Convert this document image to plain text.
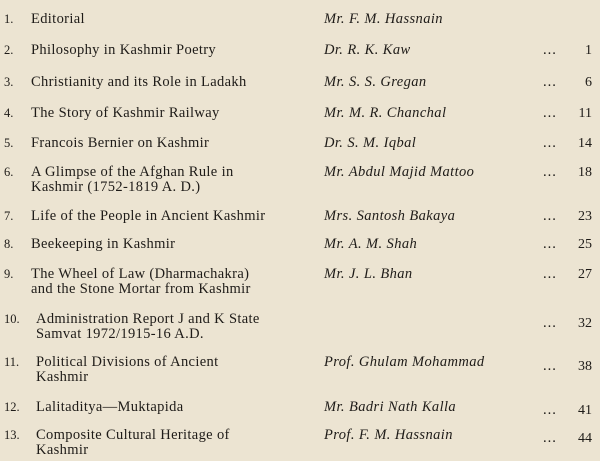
1. Editorial	Mr. F. M. Hassnain
2. Philosophy in Kashmir Poetry	Dr. R. K. Kaw	... 1
3. Christianity and its Role in Ladakh	Mr. S. S. Gregan	... 6
4. The Story of Kashmir Railway	Mr. M. R. Chanchal	... 11
5. Francois Bernier on Kashmir	Dr. S. M. Iqbal	... 14
6. A Glimpse of the Afghan Rule in
Kashmir (1752-1819 A. D.)
Mr. Abdul Majid Mattoo	... 18
7. Life of the People in Ancient Kashmir	Mrs. Santosh Bakaya	... 23
8. Beekeeping in Kashmir	Mr. A. M. Shah	... 25
9. The Wheel of Law (Dharmachakra)
and the Stone Mortar from Kashmir
Mr. J. L. Bhan	... 27
10. Administration Report J and K State
Samvat 1972/1915-16 A.D.
... 32
11. Political Divisions of Ancient
Kashmir
Prof. Ghulam Mohammad	... 38
12. Lalitaditya—Muktapida	Mr. Badri Nath Kalla	... 41
13. Composite Cultural Heritage of
Kashmir
Prof. F. M. Hassnain	... 44
